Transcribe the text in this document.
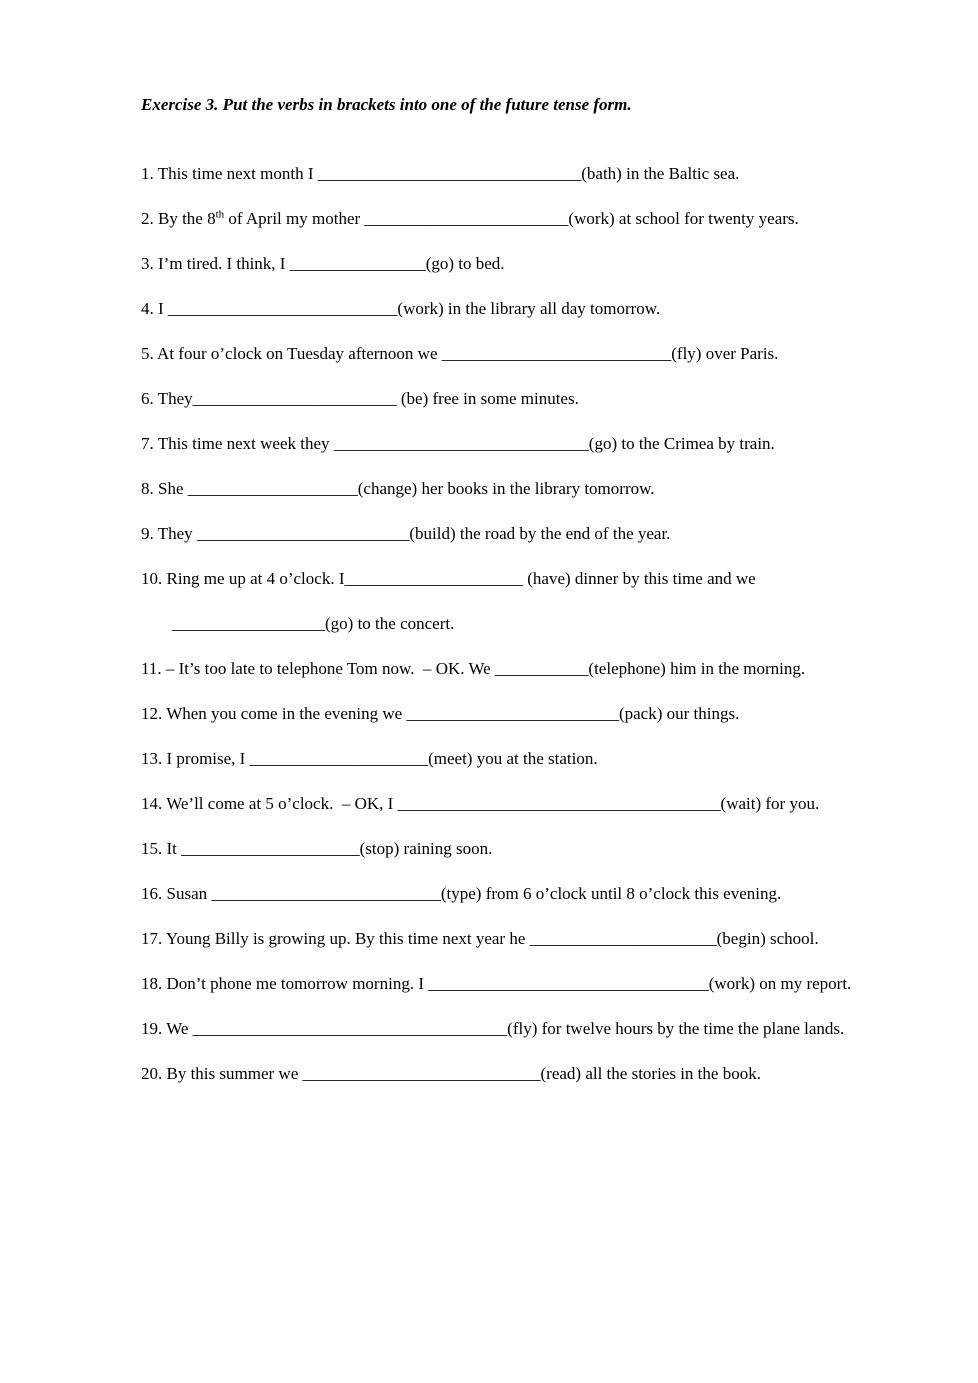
Exercise 3. Put the verbs in brackets into one of the future tense form.

1. This time next month I _______________________________(bath) in the Baltic sea.

2. By the 8th of April my mother ________________________(work) at school for twenty years.

3. I’m tired. I think, I ________________(go) to bed.

4. I ___________________________(work) in the library all day tomorrow.

5. At four o’clock on Tuesday afternoon we ___________________________(fly) over Paris.

6. They________________________ (be) free in some minutes.

7. This time next week they ______________________________(go) to the Crimea by train.

8. She ____________________(change) her books in the library tomorrow.

9. They _________________________(build) the road by the end of the year.

10. Ring me up at 4 o’clock. I_____________________ (have) dinner by this time and we

__________________(go) to the concert.

11. – It’s too late to telephone Tom now.  – OK. We ___________(telephone) him in the morning.

12. When you come in the evening we _________________________(pack) our things.

13. I promise, I _____________________(meet) you at the station.

14. We’ll come at 5 o’clock.  – OK, I ______________________________________(wait) for you.

15. It _____________________(stop) raining soon.

16. Susan ___________________________(type) from 6 o’clock until 8 o’clock this evening.

17. Young Billy is growing up. By this time next year he ______________________(begin) school.

18. Don’t phone me tomorrow morning. I _________________________________(work) on my report.

19. We _____________________________________(fly) for twelve hours by the time the plane lands.

20. By this summer we ____________________________(read) all the stories in the book.
